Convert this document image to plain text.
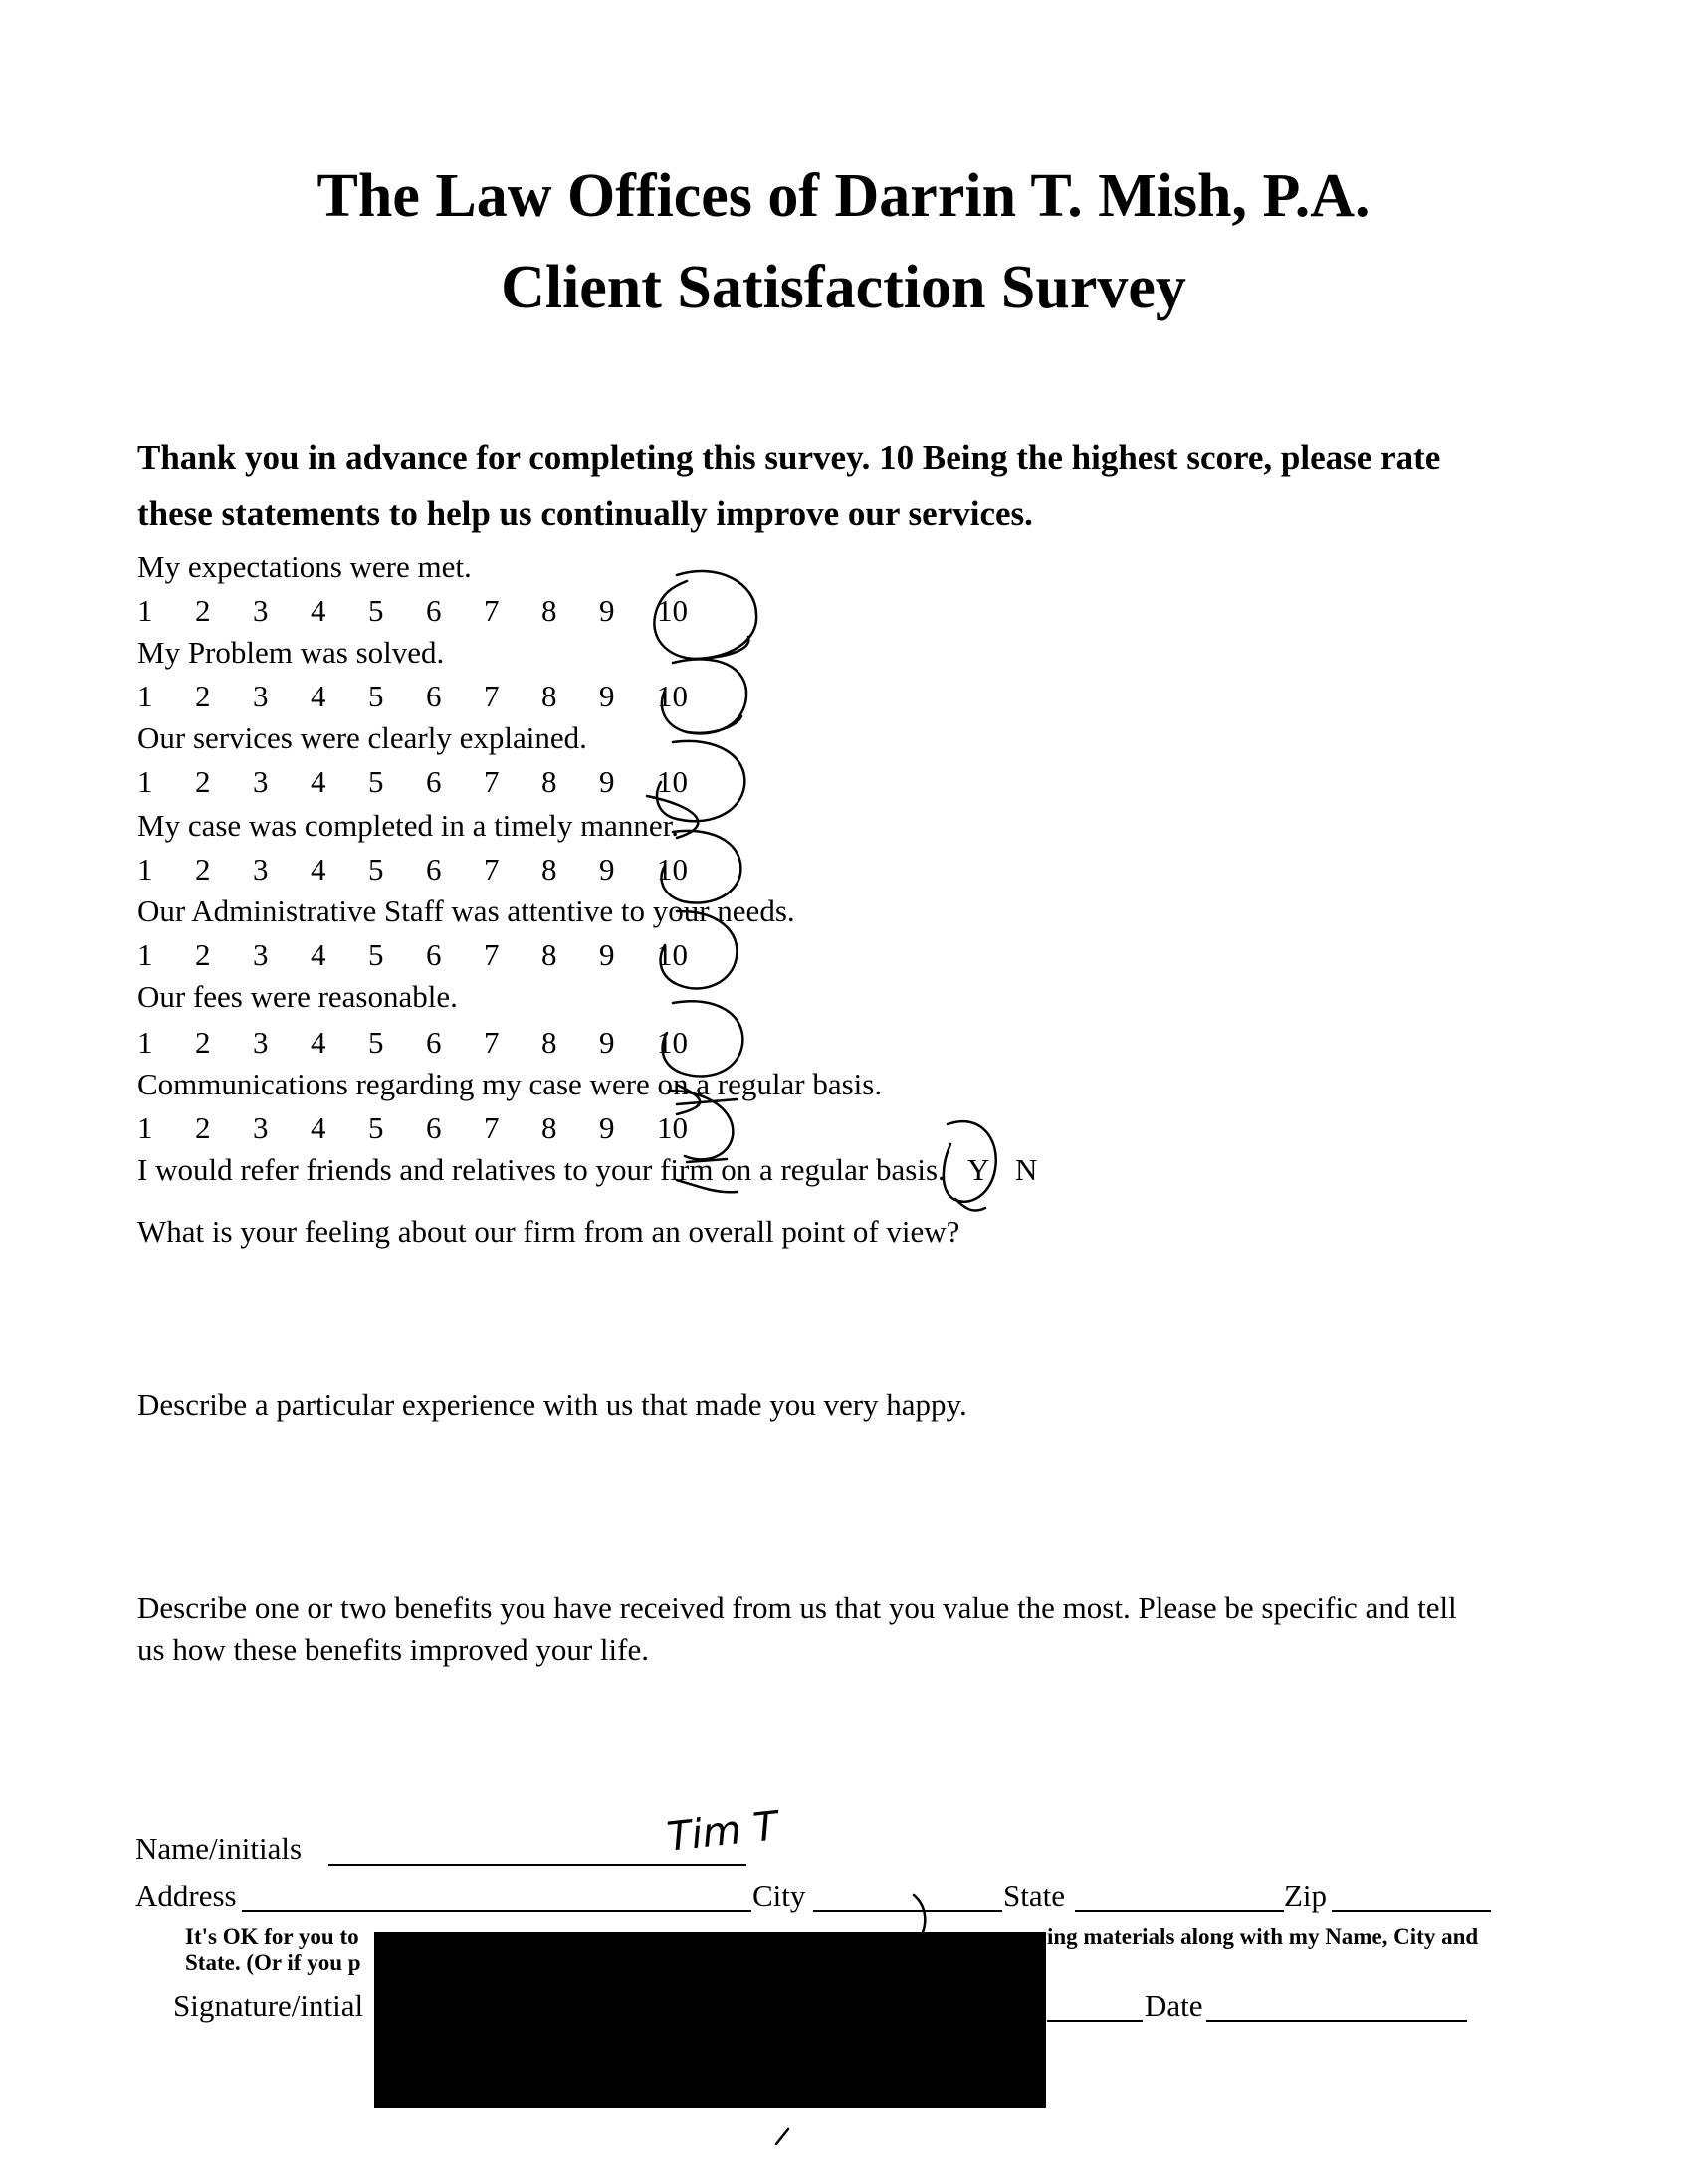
The Law Offices of Darrin T. Mish, P.A.
Client Satisfaction Survey
Thank you in advance for completing this survey. 10 Being the highest score, please rate
these statements to help us continually improve our services.
My expectations were met.
1 2 3 4 5 6 7 8 9 10
My Problem was solved.
1 2 3 4 5 6 7 8 9 10
Our services were clearly explained.
1 2 3 4 5 6 7 8 9 10
My case was completed in a timely manner.
1 2 3 4 5 6 7 8 9 10
Our Administrative Staff was attentive to your needs.
1 2 3 4 5 6 7 8 9 10
Our fees were reasonable.
1 2 3 4 5 6 7 8 9 10
Communications regarding my case were on a regular basis.
1 2 3 4 5 6 7 8 9 10
I would refer friends and relatives to your firm on a regular basis. Y N
What is your feeling about our firm from an overall point of view?
Describe a particular experience with us that made you very happy.
Describe one or two benefits you have received from us that you value the most. Please be specific and tell
us how these benefits improved your life.
Name/initials	Tim T
Address	City	State	Zip
It's OK for you to	ing materials along with my Name, City and
State. (Or if you p
Signature/intial	Date
